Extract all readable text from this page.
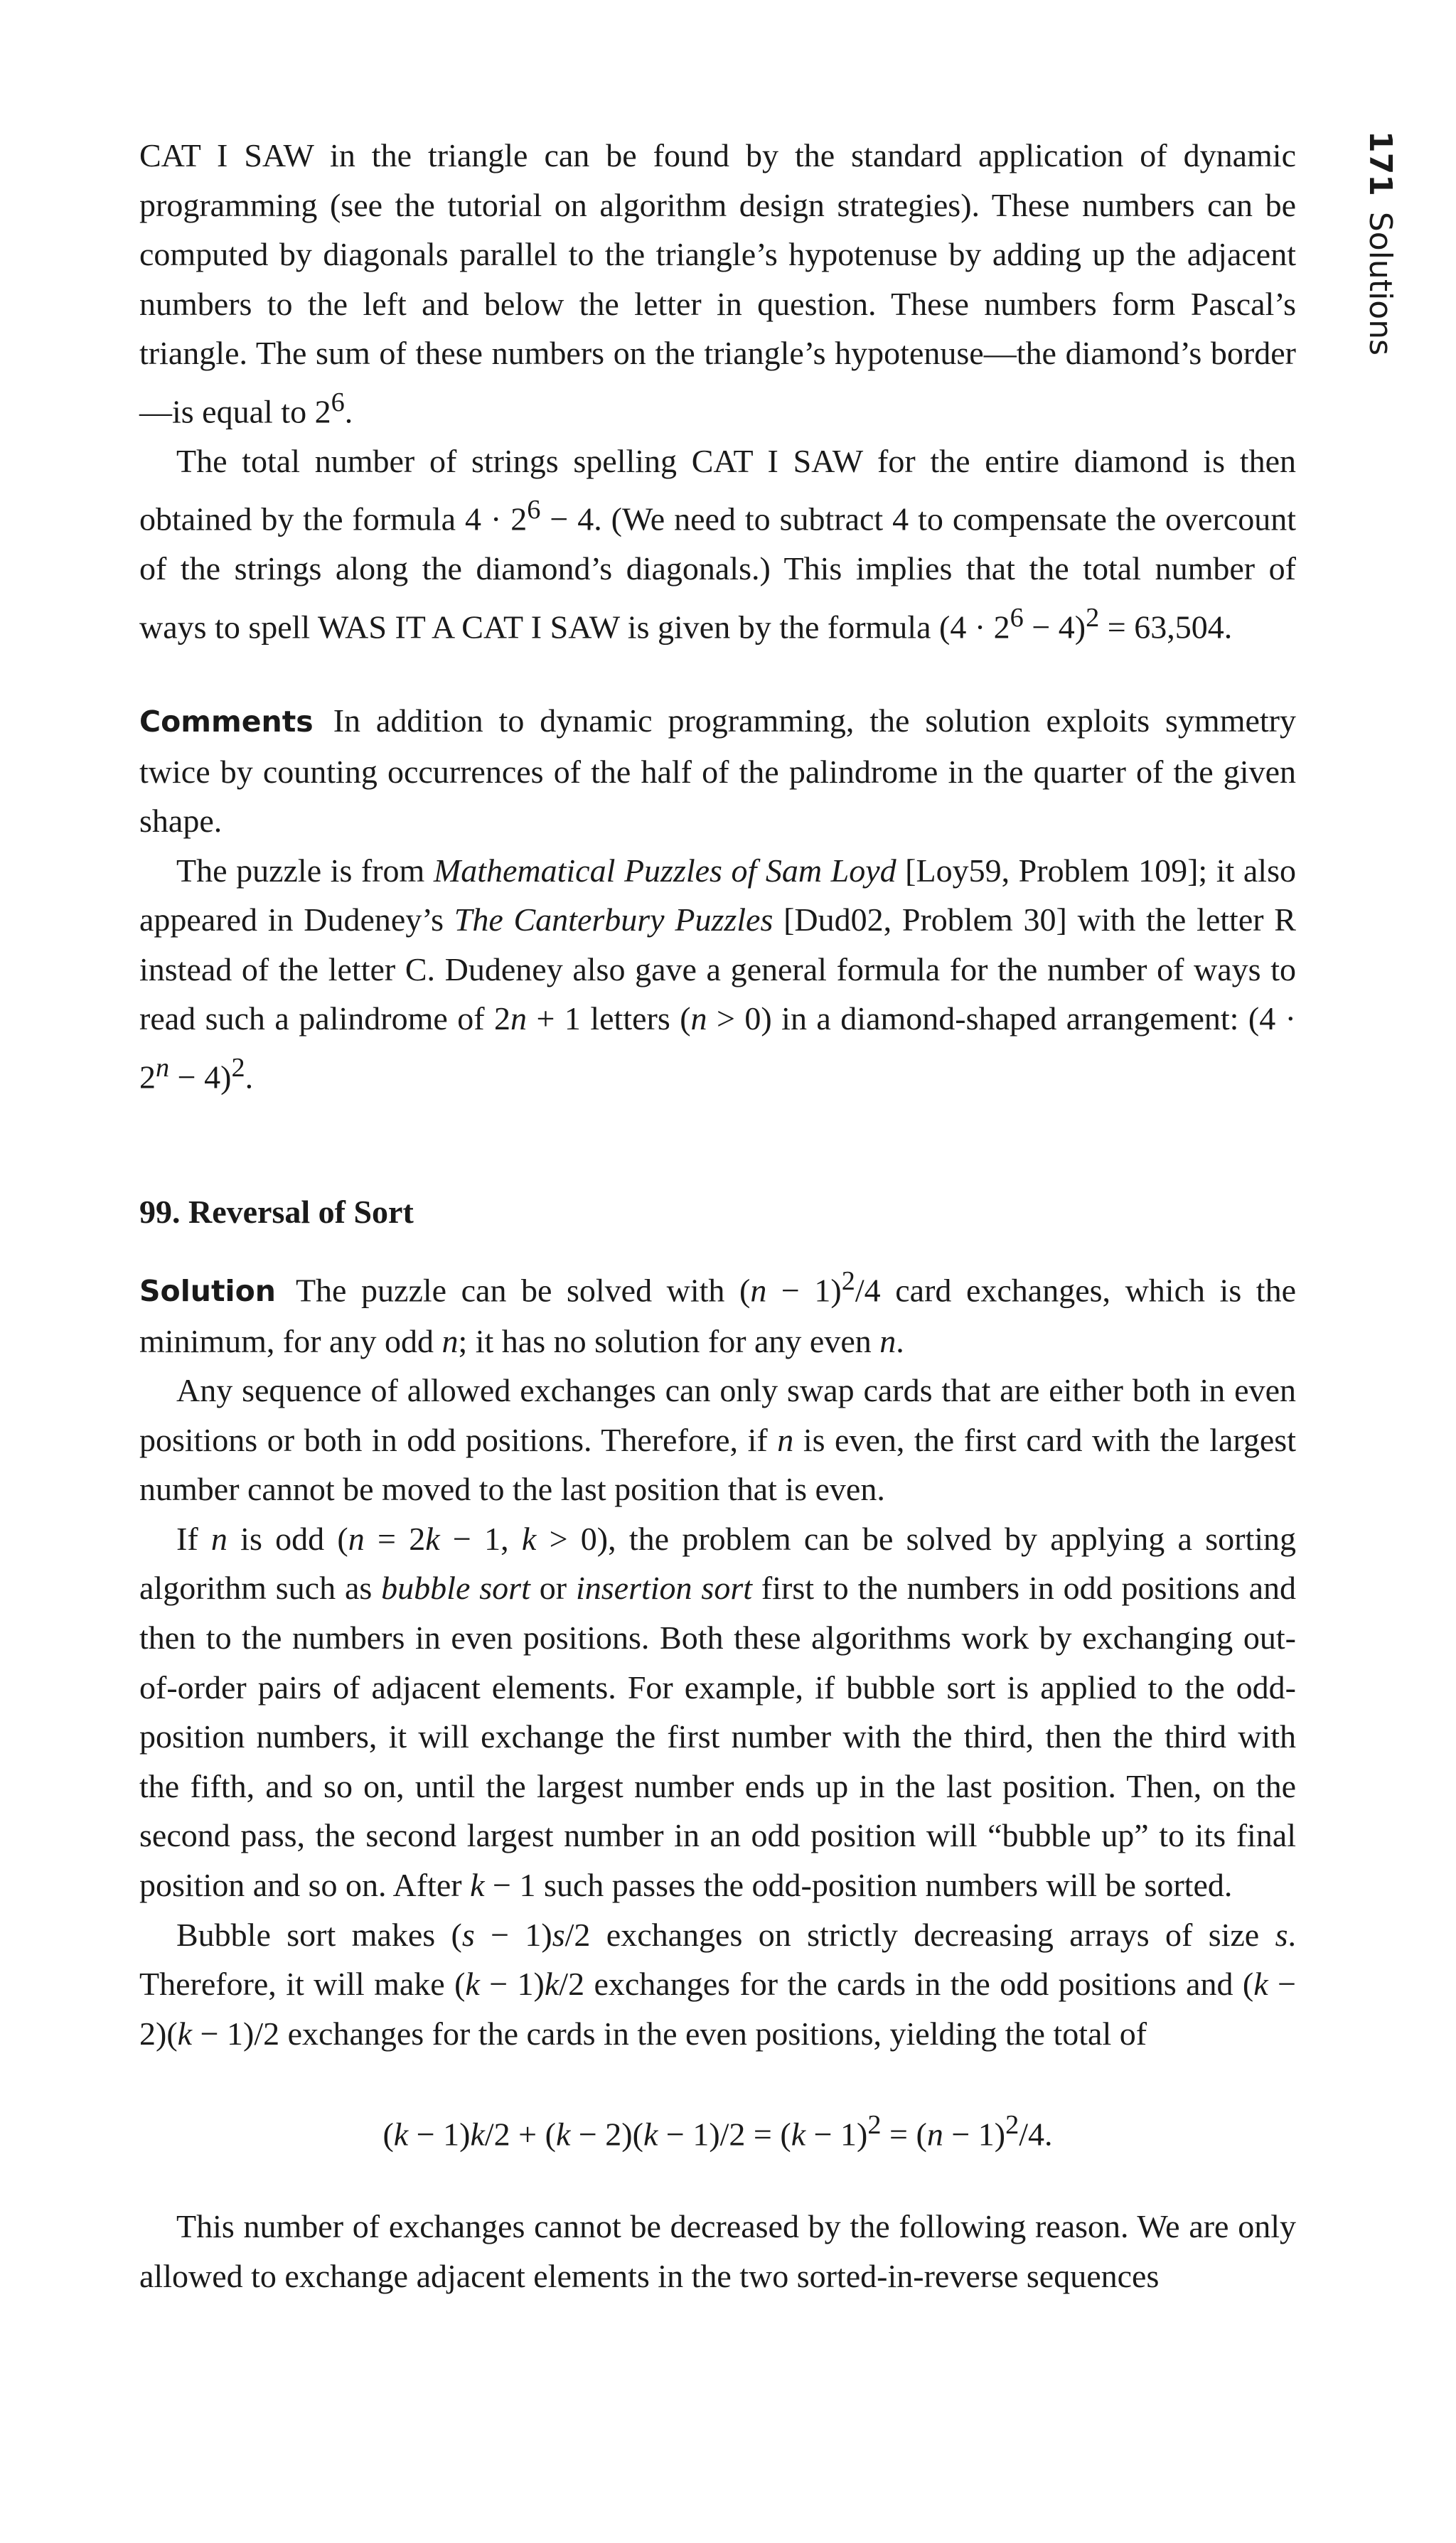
171Solutions

CAT I SAW in the triangle can be found by the standard application of dynamic programming (see the tutorial on algorithm design strategies). These numbers can be computed by diagonals parallel to the triangle’s hypotenuse by adding up the adjacent numbers to the left and below the letter in question. These numbers form Pascal’s triangle. The sum of these numbers on the triangle’s hypotenuse—the diamond’s border—is equal to $2^6$.

The total number of strings spelling CAT I SAW for the entire diamond is then obtained by the formula $4 \cdot 2^6 - 4$. (We need to subtract 4 to compensate the overcount of the strings along the diamond’s diagonals.) This implies that the total number of ways to spell WAS IT A CAT I SAW is given by the formula $(4 \cdot 2^6 - 4)^2 = 63,504$.

Comments In addition to dynamic programming, the solution exploits symmetry twice by counting occurrences of the half of the palindrome in the quarter of the given shape.

The puzzle is from Mathematical Puzzles of Sam Loyd [Loy59, Problem 109]; it also appeared in Dudeney’s The Canterbury Puzzles [Dud02, Problem 30] with the letter R instead of the letter C. Dudeney also gave a general formula for the number of ways to read such a palindrome of 2n + 1 letters (n > 0) in a diamond-shaped arrangement: $(4 \cdot 2^n - 4)^2$.

99. Reversal of Sort

Solution The puzzle can be solved with $(n - 1)^2/4$ card exchanges, which is the minimum, for any odd n; it has no solution for any even n.

Any sequence of allowed exchanges can only swap cards that are either both in even positions or both in odd positions. Therefore, if n is even, the first card with the largest number cannot be moved to the last position that is even.

If n is odd (n = 2k − 1, k > 0), the problem can be solved by applying a sorting algorithm such as bubble sort or insertion sort first to the numbers in odd positions and then to the numbers in even positions. Both these algorithms work by exchanging out-of-order pairs of adjacent elements. For example, if bubble sort is applied to the odd-position numbers, it will exchange the first number with the third, then the third with the fifth, and so on, until the largest number ends up in the last position. Then, on the second pass, the second largest number in an odd position will “bubble up” to its final position and so on. After k − 1 such passes the odd-position numbers will be sorted.

Bubble sort makes (s − 1)s/2 exchanges on strictly decreasing arrays of size s. Therefore, it will make (k − 1)k/2 exchanges for the cards in the odd positions and (k − 2)(k − 1)/2 exchanges for the cards in the even positions, yielding the total of

$(k - 1)k/2 + (k - 2)(k - 1)/2 = (k - 1)^2 = (n - 1)^2/4$.

This number of exchanges cannot be decreased by the following reason. We are only allowed to exchange adjacent elements in the two sorted-in-reverse sequences
